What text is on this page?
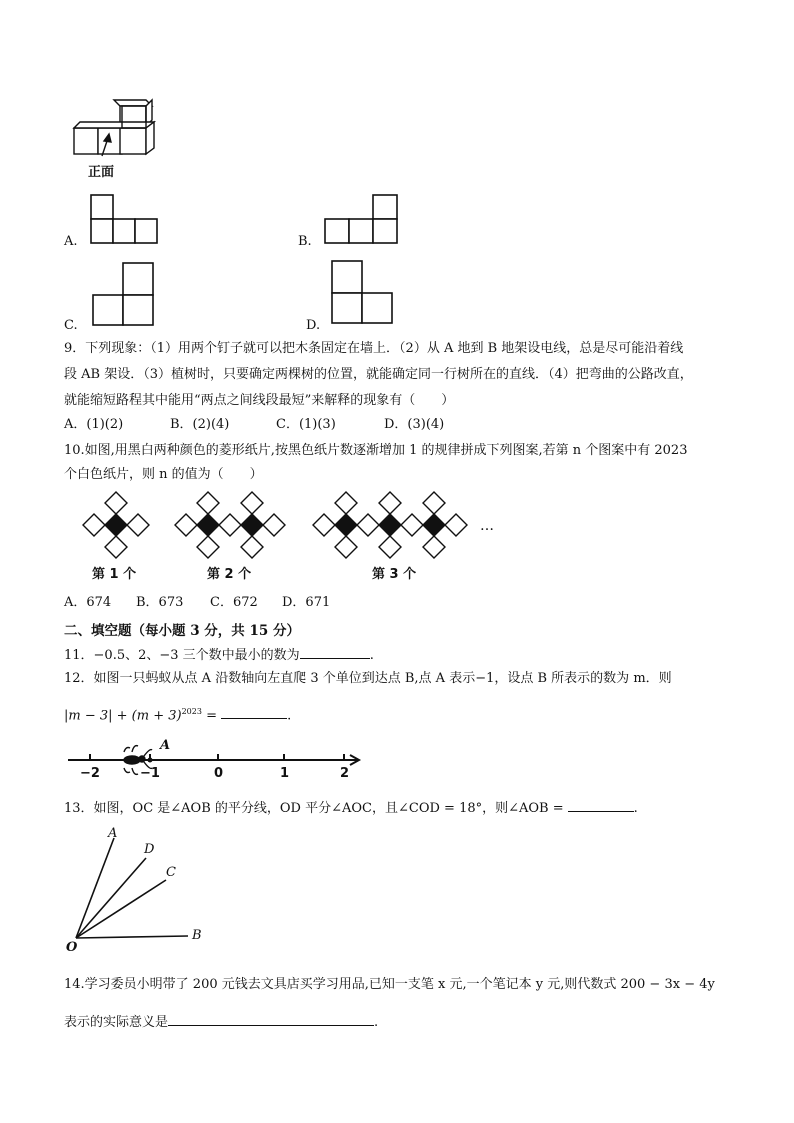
正面
A.	B.
C.	D.
9．下列现象：（1）用两个钉子就可以把木条固定在墙上．（2）从 A 地到 B 地架设电线，总是尽可能沿着线
段 AB 架设．（3）植树时，只要确定两棵树的位置，就能确定同一行树所在的直线．（4）把弯曲的公路改直，
就能缩短路程其中能用“两点之间线段最短”来解释的现象有（　　）
A．(1)(2)	B．(2)(4)	C．(1)(3)	D．(3)(4)
10.如图,用黑白两种颜色的菱形纸片,按黑色纸片数逐渐增加 1 的规律拼成下列图案,若第 n 个图案中有 2023
个白色纸片，则 n 的值为（　　）
…
第 1 个	第 2 个	第 3 个
A．674 B．673 C．672 D．671
二、填空题（每小题 3 分，共 15 分）
11．−0.5、2、−3 三个数中最小的数为	.
12．如图一只蚂蚁从点 A 沿数轴向左直爬 3 个单位到达点 B,点 A 表示−1，设点 B 所表示的数为 m．则
$|m - 3| + (m + 3)^{2023}$ =	.
A
−2	−1	0	1	2
13．如图，OC 是∠AOB 的平分线，OD 平分∠AOC，且∠COD = 18°，则∠AOB =	.
A
D
C
O
B
14.学习委员小明带了 200 元钱去文具店买学习用品,已知一支笔 x 元,一个笔记本 y 元,则代数式 200 − 3x − 4y
表示的实际意义是	.
